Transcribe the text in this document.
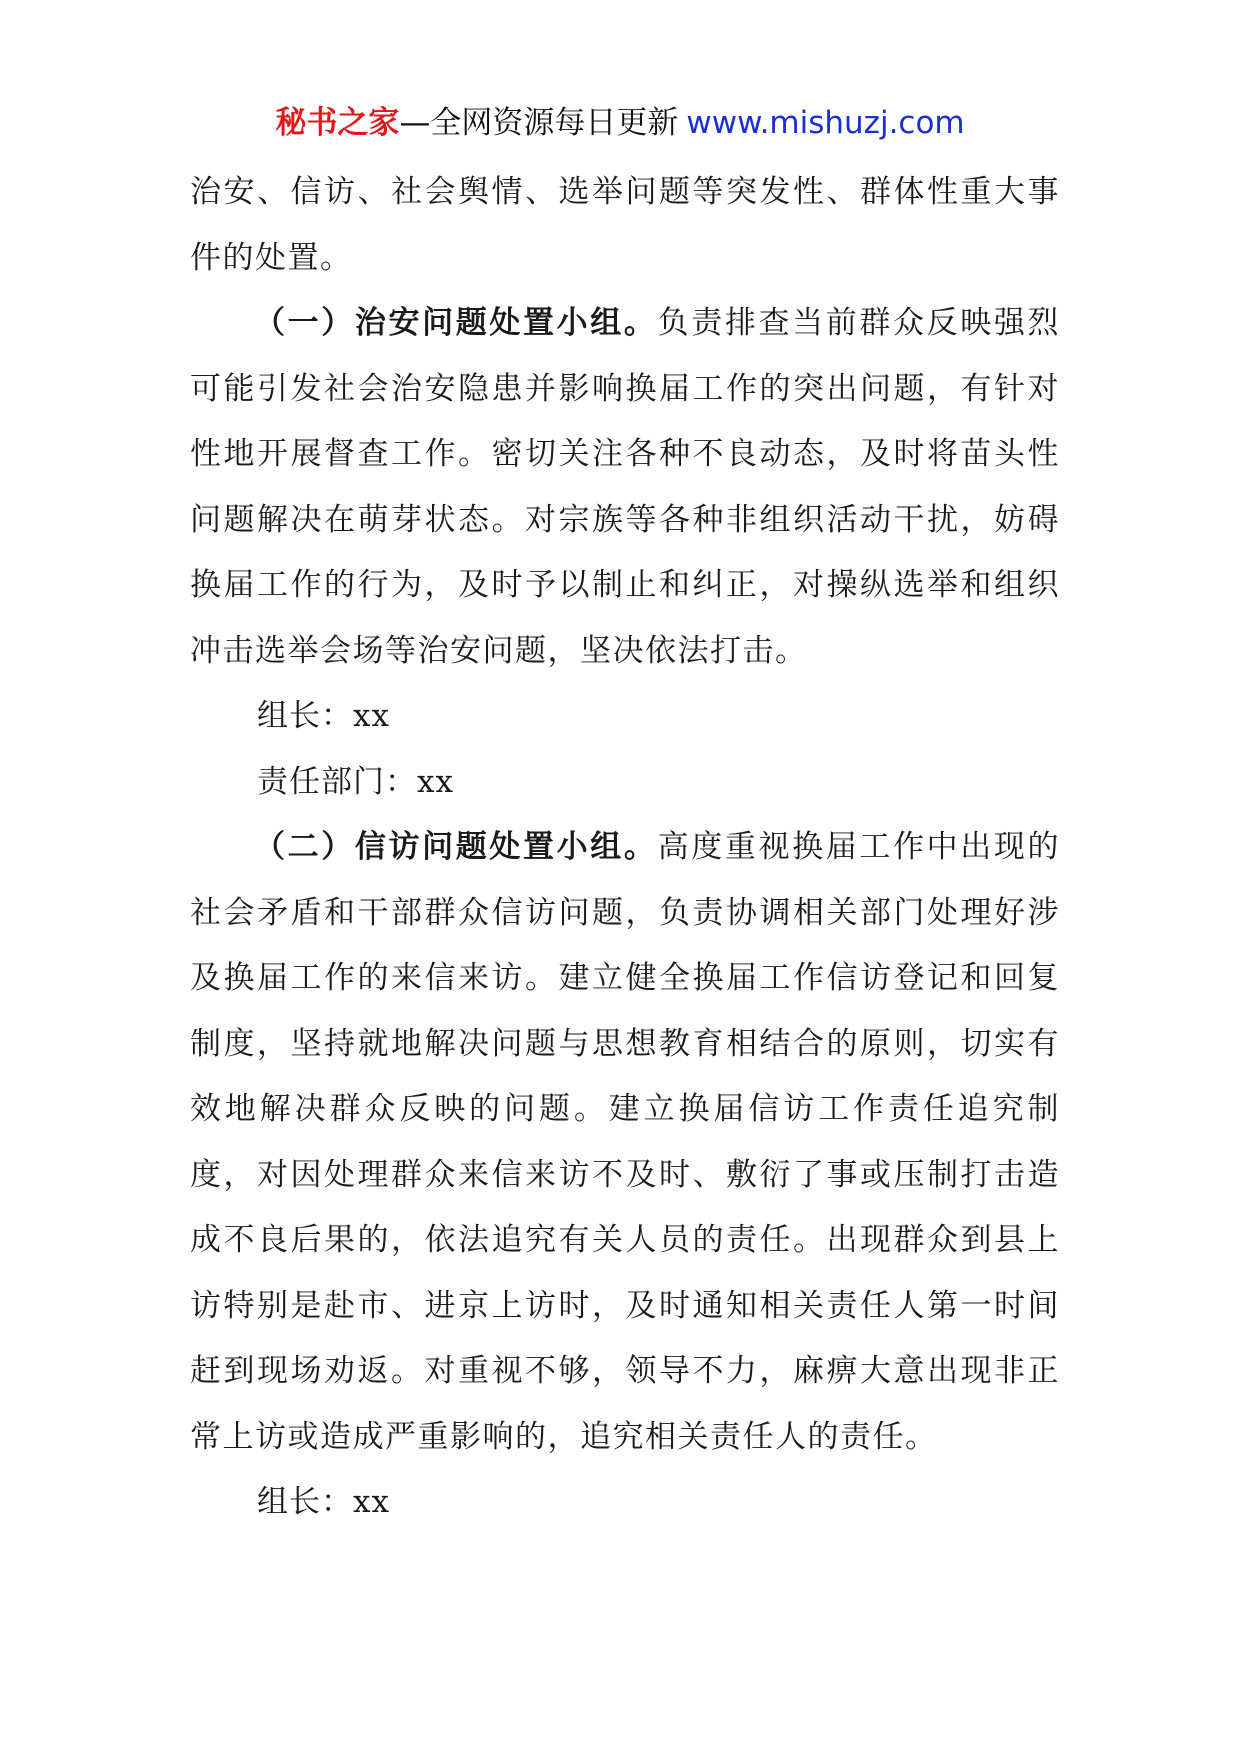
秘书之家—全网资源每日更新 www.mishuzj.com

治安、信访、社会舆情、选举问题等突发性、群体性重大事件的处置。

（一）治安问题处置小组。负责排查当前群众反映强烈可能引发社会治安隐患并影响换届工作的突出问题，有针对性地开展督查工作。密切关注各种不良动态，及时将苗头性问题解决在萌芽状态。对宗族等各种非组织活动干扰，妨碍换届工作的行为，及时予以制止和纠正，对操纵选举和组织冲击选举会场等治安问题，坚决依法打击。

组长：xx

责任部门：xx

（二）信访问题处置小组。高度重视换届工作中出现的社会矛盾和干部群众信访问题，负责协调相关部门处理好涉及换届工作的来信来访。建立健全换届工作信访登记和回复制度，坚持就地解决问题与思想教育相结合的原则，切实有效地解决群众反映的问题。建立换届信访工作责任追究制度，对因处理群众来信来访不及时、敷衍了事或压制打击造成不良后果的，依法追究有关人员的责任。出现群众到县上访特别是赴市、进京上访时，及时通知相关责任人第一时间赶到现场劝返。对重视不够，领导不力，麻痹大意出现非正常上访或造成严重影响的，追究相关责任人的责任。

组长：xx
